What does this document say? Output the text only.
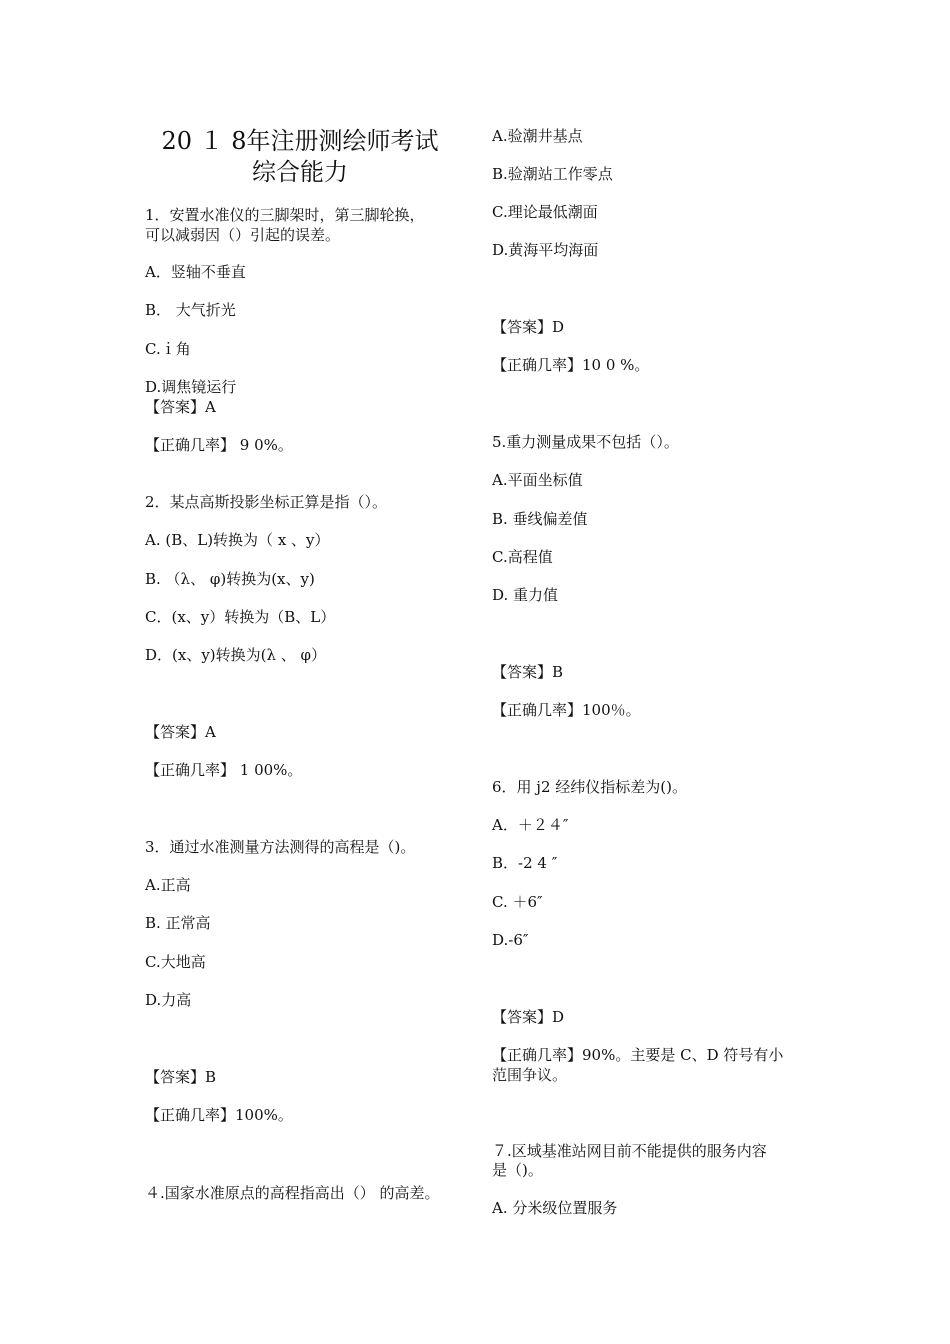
20 １ 8年注册测绘师考试
综合能力
1．安置水准仪的三脚架时，第三脚轮换，
可以减弱因（）引起的误差。
A．竖轴不垂直
B． 大气折光
C.ｉ角
D.调焦镜运行
【答案】A
【正确几率】 9 0%。
2．某点高斯投影坐标正算是指（）。
A. (B、L)转换为（ x 、y）
B. （λ、 φ)转换为(x、y)
C．(x、y）转换为（B、L）
D．(x、y)转换为(λ 、 φ）
【答案】A
【正确几率】 1 00%。
3．通过水准测量方法测得的高程是（)。
A.正高
B. 正常高
C.大地高
D.力高
【答案】B
【正确几率】100%。
４.国家水准原点的高程指高出（） 的高差。
A.验潮井基点
B.验潮站工作零点
C.理论最低潮面
D.黄海平均海面
【答案】D
【正确几率】10 0 %。
5.重力测量成果不包括（）。
A.平面坐标值
B. 垂线偏差值
C.高程值
D. 重力值
【答案】B
【正确几率】100％。
6．用 j2 经纬仪指标差为()。
A．＋２４″
B．-2 4 ″
C. ＋6″
D.-6″
【答案】D
【正确几率】90%。主要是 C、D 符号有小
范围争议。
７.区域基准站网目前不能提供的服务内容
是（)。
A. 分米级位置服务
